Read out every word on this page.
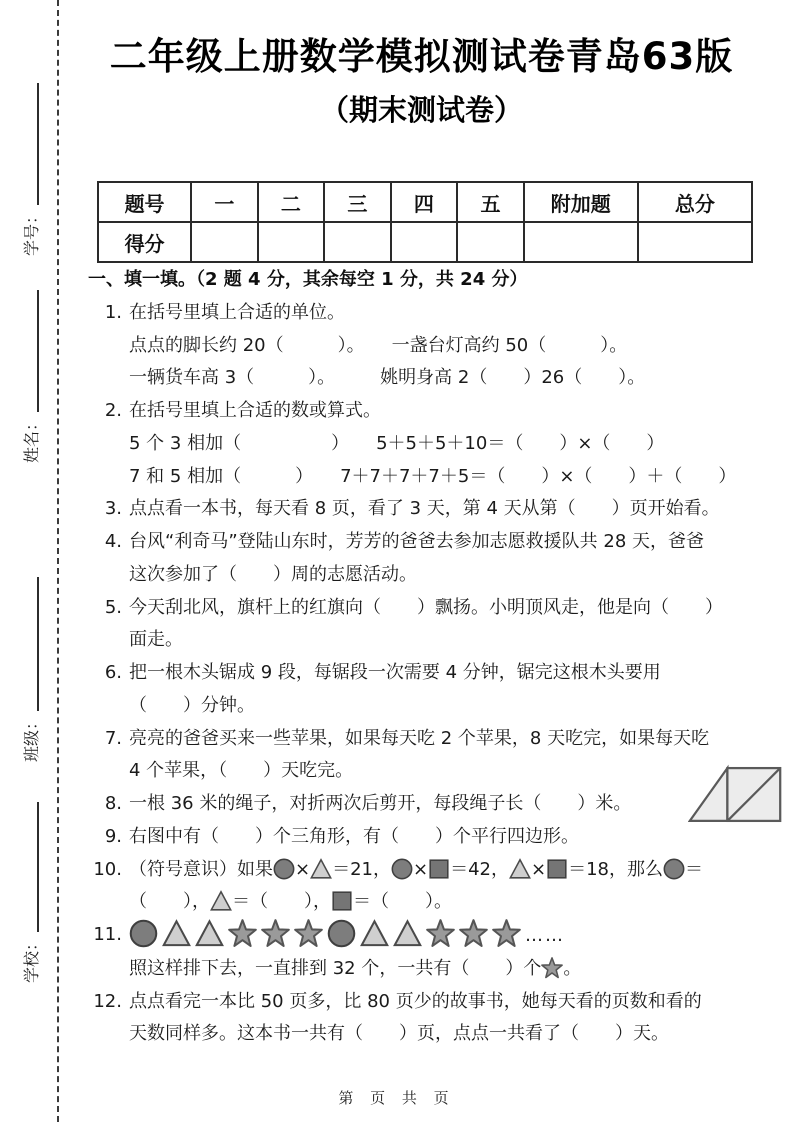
学号：
姓名：
班级：
学校：
二年级上册数学模拟测试卷青岛63版
（期末测试卷）
题号	一	二	三	四	五	附加题	总分
得分							
一、填一填。（2 题 4 分，其余每空 1 分，共 24 分）
1. 在括号里填上合适的单位。
点点的脚长约 20（　　　）。　　一盏台灯高约 50（　　　）。
一辆货车高 3（　　　）。　　　姚明身高 2（　　）26（　　）。
2. 在括号里填上合适的数或算式。
5 个 3 相加（　　　　　）　　5＋5＋5＋10＝（　　）×（　　）
7 和 5 相加（　　　）　　7＋7＋7＋7＋5＝（　　）×（　　）＋（　　）
3. 点点看一本书，每天看 8 页，看了 3 天，第 4 天从第（　　）页开始看。
4. 台风“利奇马”登陆山东时，芳芳的爸爸去参加志愿救援队共 28 天，爸爸
这次参加了（　　）周的志愿活动。
5. 今天刮北风，旗杆上的红旗向（　　）飘扬。小明顶风走，他是向（　　）
面走。
6. 把一根木头锯成 9 段，每锯段一次需要 4 分钟，锯完这根木头要用
（　　）分钟。
7. 亮亮的爸爸买来一些苹果，如果每天吃 2 个苹果，8 天吃完，如果每天吃
4 个苹果，（　　）天吃完。
8. 一根 36 米的绳子，对折两次后剪开，每段绳子长（　　）米。
9. 右图中有（　　）个三角形，有（　　）个平行四边形。
10. （符号意识）如果 × ＝21， × ＝42， × ＝18，那么 ＝
（　　）， ＝（　　）， ＝（　　）。
11.	……
照这样排下去，一直排到 32 个，一共有（　　）个 。
12. 点点看完一本比 50 页多，比 80 页少的故事书，她每天看的页数和看的
天数同样多。这本书一共有（　　）页，点点一共看了（　　）天。
第 页 共 页
